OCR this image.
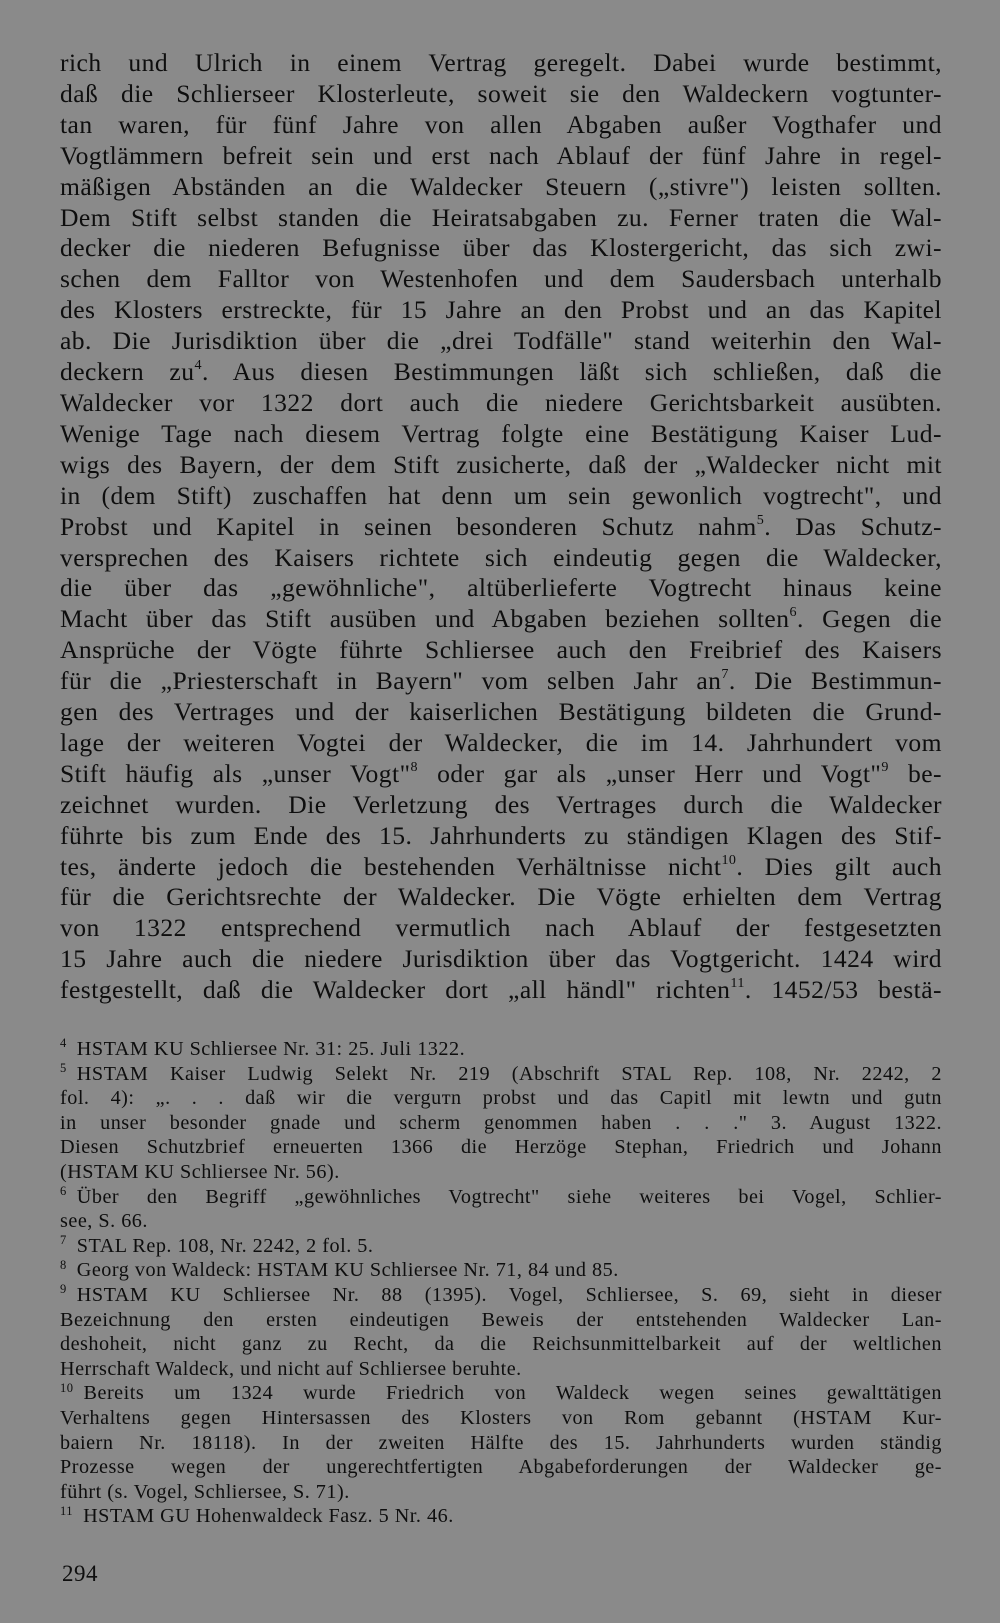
rich und Ulrich in einem Vertrag geregelt. Dabei wurde bestimmt,
daß die Schlierseer Klosterleute, soweit sie den Waldeckern vogtunter-
tan waren, für fünf Jahre von allen Abgaben außer Vogthafer und
Vogtlämmern befreit sein und erst nach Ablauf der fünf Jahre in regel-
mäßigen Abständen an die Waldecker Steuern („stivre") leisten sollten.
Dem Stift selbst standen die Heiratsabgaben zu. Ferner traten die Wal-
decker die niederen Befugnisse über das Klostergericht, das sich zwi-
schen dem Falltor von Westenhofen und dem Saudersbach unterhalb
des Klosters erstreckte, für 15 Jahre an den Probst und an das Kapitel
ab. Die Jurisdiktion über die „drei Todfälle" stand weiterhin den Wal-
deckern $zu^4$. Aus diesen Bestimmungen läßt sich schließen, daß die
Waldecker vor 1322 dort auch die niedere Gerichtsbarkeit ausübten.
Wenige Tage nach diesem Vertrag folgte eine Bestätigung Kaiser Lud-
wigs des Bayern, der dem Stift zusicherte, daß der „Waldecker nicht mit
in (dem Stift) zuschaffen hat denn um sein gewonlich vogtrecht", und
Probst und Kapitel in seinen besonderen Schutz nahm$^5$. Das Schutz-
versprechen des Kaisers richtete sich eindeutig gegen die Waldecker,
die über das „gewöhnliche", altüberlieferte Vogtrecht hinaus keine
Macht über das Stift ausüben und Abgaben beziehen sollten$^6$. Gegen die
Ansprüche der Vögte führte Schliersee auch den Freibrief des Kaisers
für die „Priesterschaft in Bayern" vom selben Jahr $an^7$. Die Bestimmun-
gen des Vertrages und der kaiserlichen Bestätigung bildeten die Grund-
lage der weiteren Vogtei der Waldecker, die im 14. Jahrhundert vom
Stift häufig als „unser Vogt"$^8$ oder gar als „unser Herr und Vogt"$^9$ be-
zeichnet wurden. Die Verletzung des Vertrages durch die Waldecker
führte bis zum Ende des 15. Jahrhunderts zu ständigen Klagen des Stif-
tes, änderte jedoch die bestehenden Verhältnisse nicht$^{10}$. Dies gilt auch
für die Gerichtsrechte der Waldecker. Die Vögte erhielten dem Vertrag
von 1322 entsprechend vermutlich nach Ablauf der festgesetzten
15 Jahre auch die niedere Jurisdiktion über das Vogtgericht. 1424 wird
festgestellt, daß die Waldecker dort „all händl" richten$^{11}$. 1452/53 bestä-
$^4$ HSTAM KU Schliersee Nr. 31: 25. Juli 1322.
$^5$ HSTAM Kaiser Ludwig Selekt Nr. 219 (Abschrift STAL Rep. 108, Nr. 2242, 2
fol. 4): „. . . daß wir die verguтn probst und das Capitl mit lewtn und gutn
in unser besonder gnade und scherm genommen haben . . ." 3. August 1322.
Diesen Schutzbrief erneuerten 1366 die Herzöge Stephan, Friedrich und Johann
(HSTAM KU Schliersee Nr. 56).
$^6$ Über den Begriff „gewöhnliches Vogtrecht" siehe weiteres bei Vogel, Schlier-
see, S. 66.
$^7$ STAL Rep. 108, Nr. 2242, 2 fol. 5.
$^8$ Georg von Waldeck: HSTAM KU Schliersee Nr. 71, 84 und 85.
$^9$ HSTAM KU Schliersee Nr. 88 (1395). Vogel, Schliersee, S. 69, sieht in dieser
Bezeichnung den ersten eindeutigen Beweis der entstehenden Waldecker Lan-
deshoheit, nicht ganz zu Recht, da die Reichsunmittelbarkeit auf der weltlichen
Herrschaft Waldeck, und nicht auf Schliersee beruhte.
$^{10}$ Bereits um 1324 wurde Friedrich von Waldeck wegen seines gewalttätigen
Verhaltens gegen Hintersassen des Klosters von Rom gebannt (HSTAM Kur-
baiern Nr. 18118). In der zweiten Hälfte des 15. Jahrhunderts wurden ständig
Prozesse wegen der ungerechtfertigten Abgabeforderungen der Waldecker ge-
führt (s. Vogel, Schliersee, S. 71).
$^{11}$ HSTAM GU Hohenwaldeck Fasz. 5 Nr. 46.
294
